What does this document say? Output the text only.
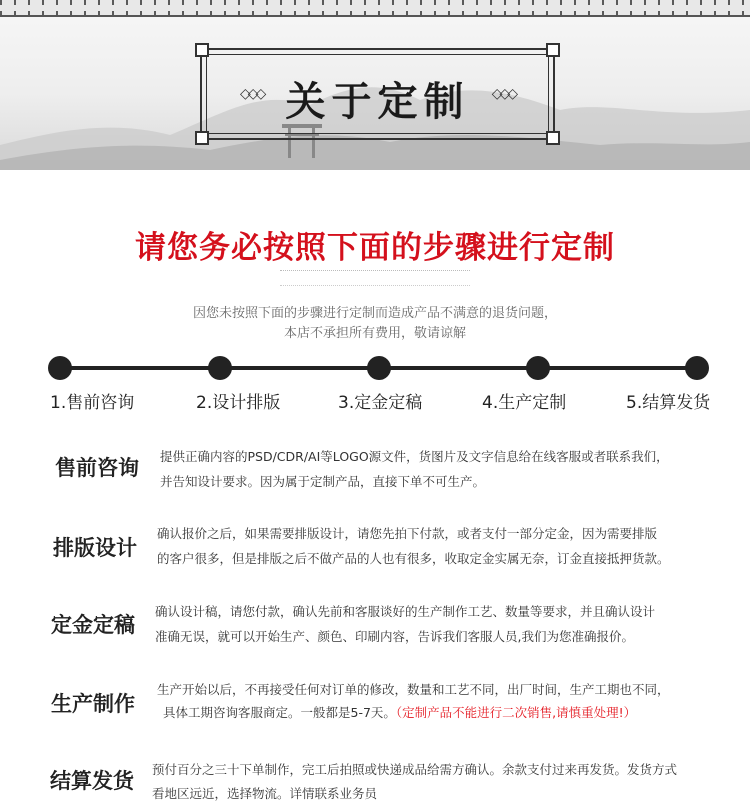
◇◇◇ 关于定制	◇◇◇
请您务必按照下面的步骤进行定制
因您未按照下面的步骤进行定制而造成产品不满意的退货问题，
本店不承担所有费用，敬请谅解
1.售前咨询	2.设计排版	3.定金定稿	4.生产定制	5.结算发货
售前咨询 提供正确内容的PSD/CDR/AI等LOGO源文件，货图片及文字信息给在线客服或者联系我们，
并告知设计要求。因为属于定制产品，直接下单不可生产。
排版设计
确认报价之后，如果需要排版设计，请您先拍下付款，或者支付一部分定金，因为需要排版
的客户很多，但是排版之后不做产品的人也有很多，收取定金实属无奈，订金直接抵押货款。
定金定稿
确认设计稿，请您付款，确认先前和客服谈好的生产制作工艺、数量等要求，并且确认设计
准确无误，就可以开始生产、颜色、印刷内容，告诉我们客服人员,我们为您准确报价。
生产制作
生产开始以后，不再接受任何对订单的修改，数量和工艺不同，出厂时间，生产工期也不同，
具体工期咨询客服商定。一般都是5-7天。（定制产品不能进行二次销售,请慎重处理!）
结算发货 预付百分之三十下单制作，完工后拍照或快递成品给需方确认。余款支付过来再发货。发货方式
看地区远近，选择物流。详情联系业务员
